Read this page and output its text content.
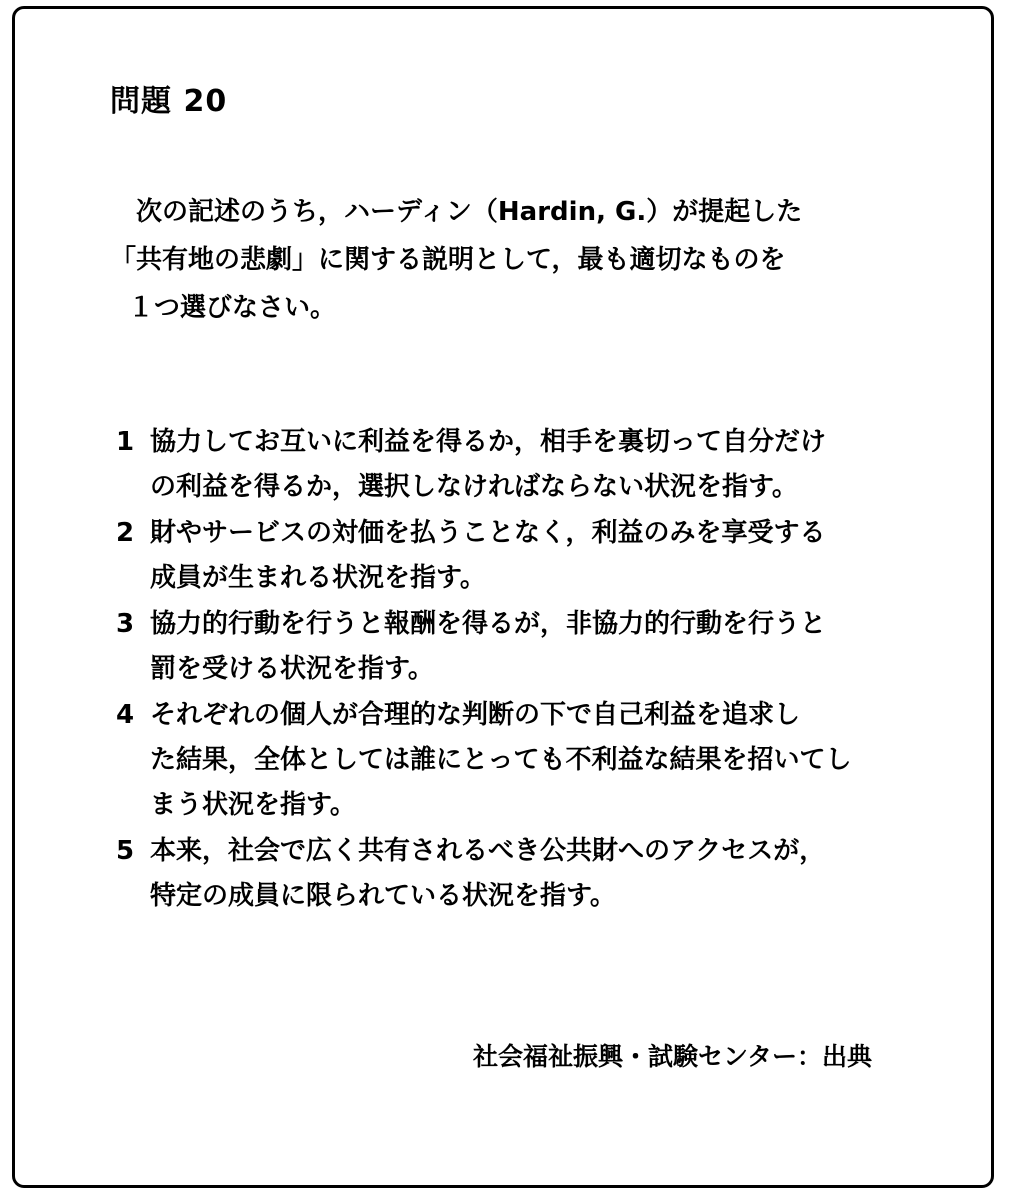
問題 20
　次の記述のうち，ハーディン（Hardin, G.）が提起した
「共有地の悲劇」に関する説明として，最も適切なものを
１つ選びなさい。
1 協力してお互いに利益を得るか，相手を裏切って自分だけ
の利益を得るか，選択しなければならない状況を指す。
2 財やサービスの対価を払うことなく，利益のみを享受する
成員が生まれる状況を指す。
3 協力的行動を行うと報酬を得るが，非協力的行動を行うと
罰を受ける状況を指す。
4 それぞれの個人が合理的な判断の下で自己利益を追求し
た結果，全体としては誰にとっても不利益な結果を招いてし
まう状況を指す。
5 本来，社会で広く共有されるべき公共財へのアクセスが，
特定の成員に限られている状況を指す。
社会福祉振興・試験センター：出典
